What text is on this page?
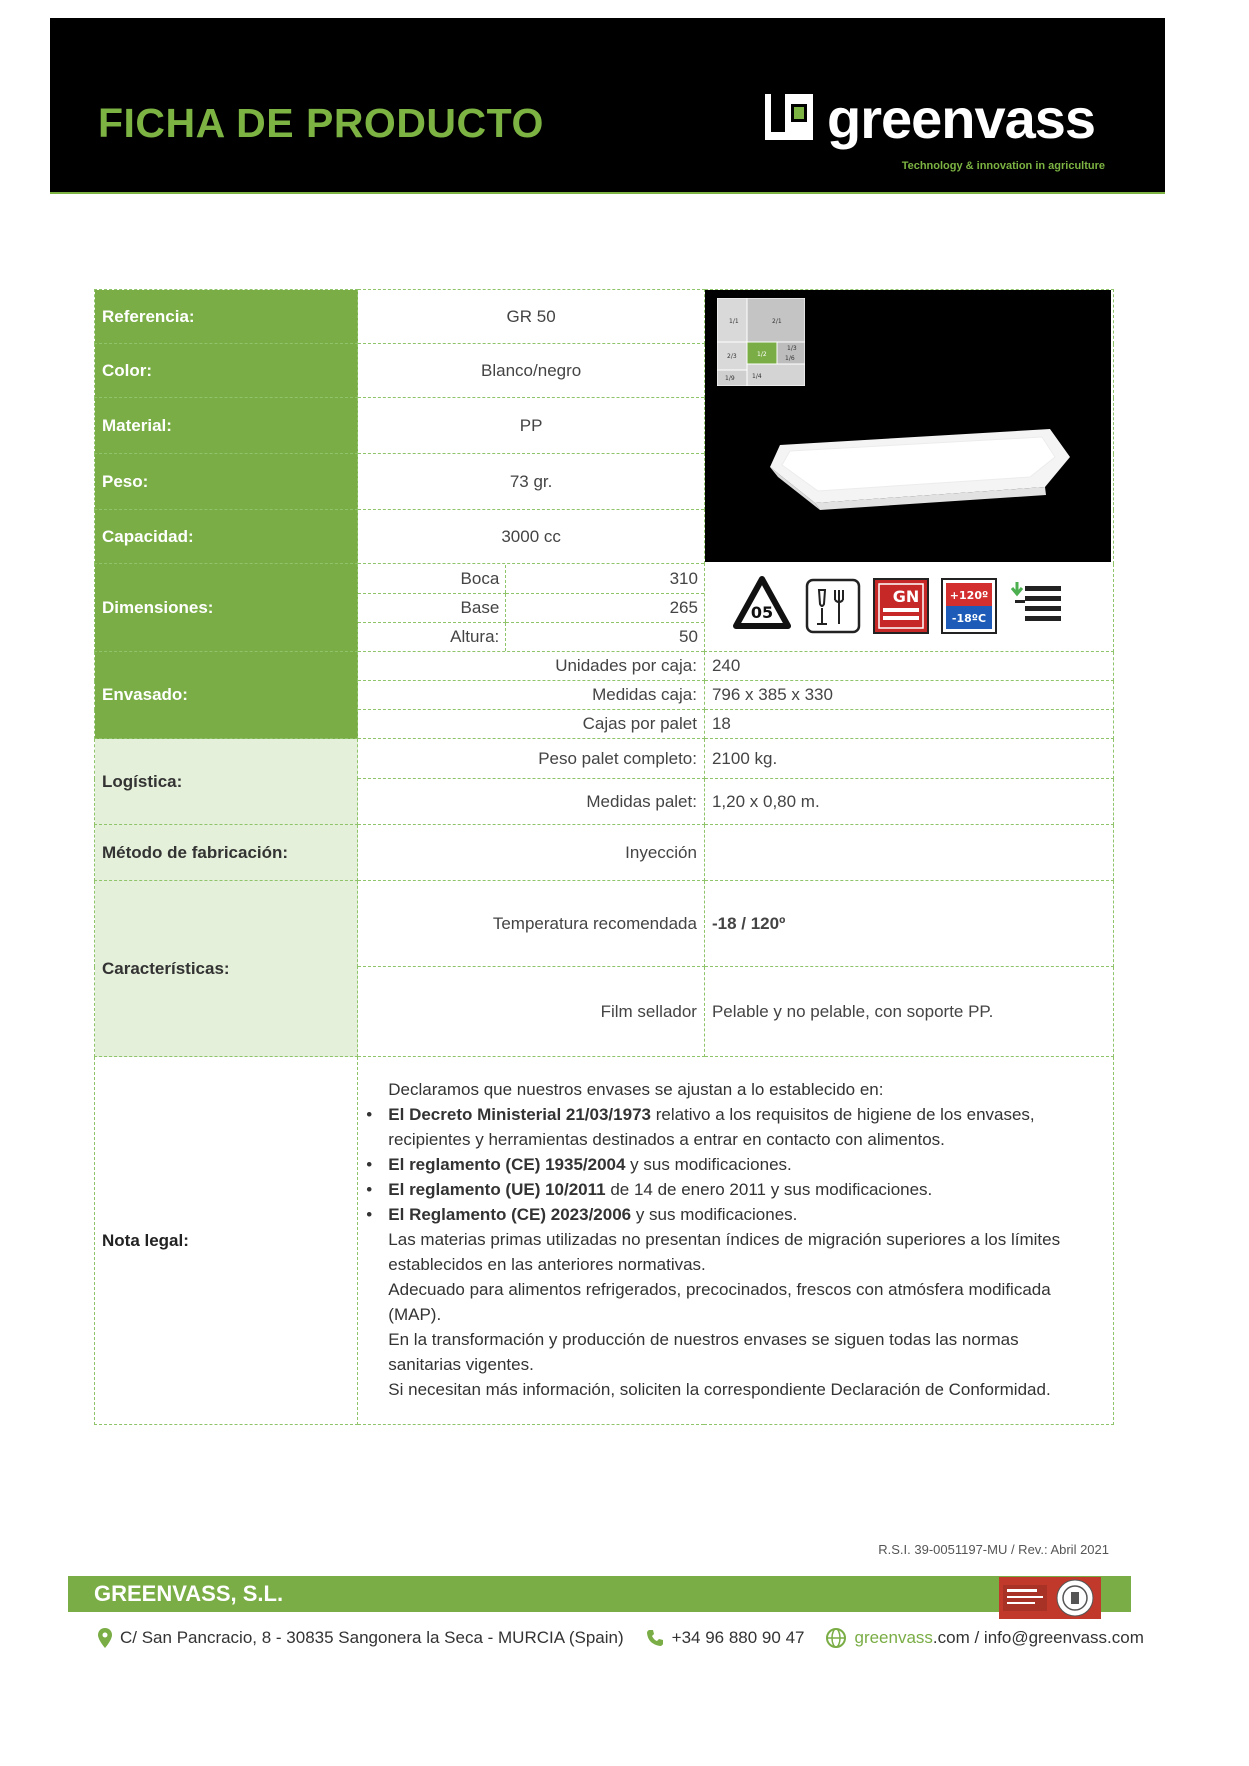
FICHA DE PRODUCTO	greenvass
Technology & innovation in agriculture
Referencia:	GR 50	1/1	2/1
2/3	1/2
1/3
1/4
1/6
1/9
05
GN	+120º
-18ºC

Color:	Blanco/negro
Material:	PP
Peso:	73 gr.
Capacidad:	3000 cc
Dimensiones:	
Boca	310
Base	265
Altura:	50

Envasado:	Unidades por caja:	240
Medidas caja:	796 x 385 x 330
Cajas por palet	18
Logística:	Peso palet completo:	2100 kg.
Medidas palet:	1,20 x 0,80 m.
Método de fabricación:	Inyección	
Características:	Temperatura recomendada	-18 / 120º
Film sellador	Pelable y no pelable, con soporte PP.
Nota legal:	

Declaramos que nuestros envases se ajustan a lo establecido en:

• El Decreto Ministerial 21/03/1973 relativo a los requisitos de higiene de los envases, recipientes y herramientas destinados a entrar en contacto con alimentos.
• El reglamento (CE) 1935/2004 y sus modificaciones.
• El reglamento (UE) 10/2011 de 14 de enero 2011 y sus modificaciones.
• El Reglamento (CE) 2023/2006 y sus modificaciones.

Las materias primas utilizadas no presentan índices de migración superiores a los límites establecidos en las anteriores normativas.

Adecuado para alimentos refrigerados, precocinados, frescos con atmósfera modificada (MAP).

En la transformación y producción de nuestros envases se siguen todas las normas sanitarias vigentes.

Si necesitan más información, soliciten la correspondiente Declaración de Conformidad.

R.S.I. 39-0051197-MU / Rev.: Abril 2021
GREENVASS, S.L.
C/ San Pancracio, 8 - 30835 Sangonera la Seca - MURCIA (Spain)	+34 96 880 90 47	greenvass .com / info@greenvass.com
